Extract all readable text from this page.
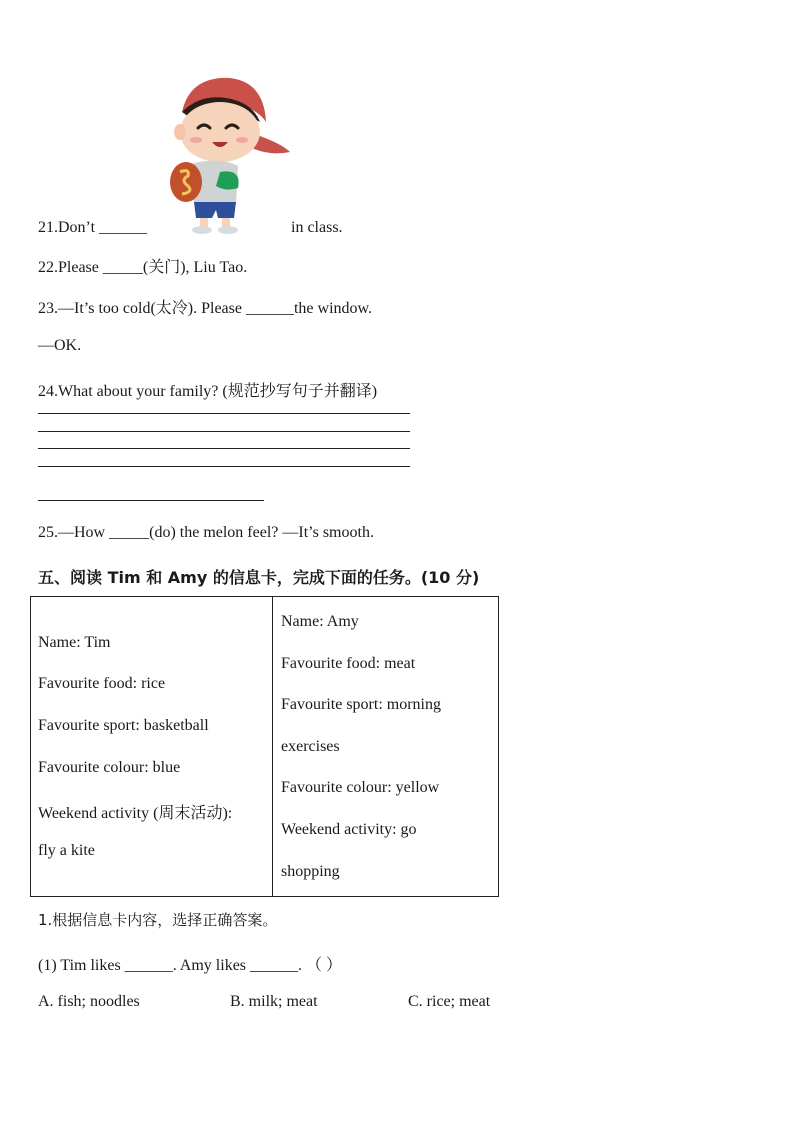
21.Don’t ______	in class.
22.Please _____(关门), Liu Tao.
23.—It’s too cold(太冷). Please ______the window.
—OK.
24.What about your family? (规范抄写句子并翻译)
25.—How _____(do) the melon feel? —It’s smooth.
五、阅读 Tim 和 Amy 的信息卡，完成下面的任务。(10 分)
Name: Tim
Favourite food: rice
Favourite sport: basketball
Favourite colour: blue
Weekend activity (周末活动):
fly a kite
Name: Amy
Favourite food: meat
Favourite sport: morning
exercises
Favourite colour: yellow
Weekend activity: go
shopping
1.根据信息卡内容，选择正确答案。
(1) Tim likes ______. Amy likes ______. （ ）
A. fish; noodles	B. milk; meat	C. rice; meat
